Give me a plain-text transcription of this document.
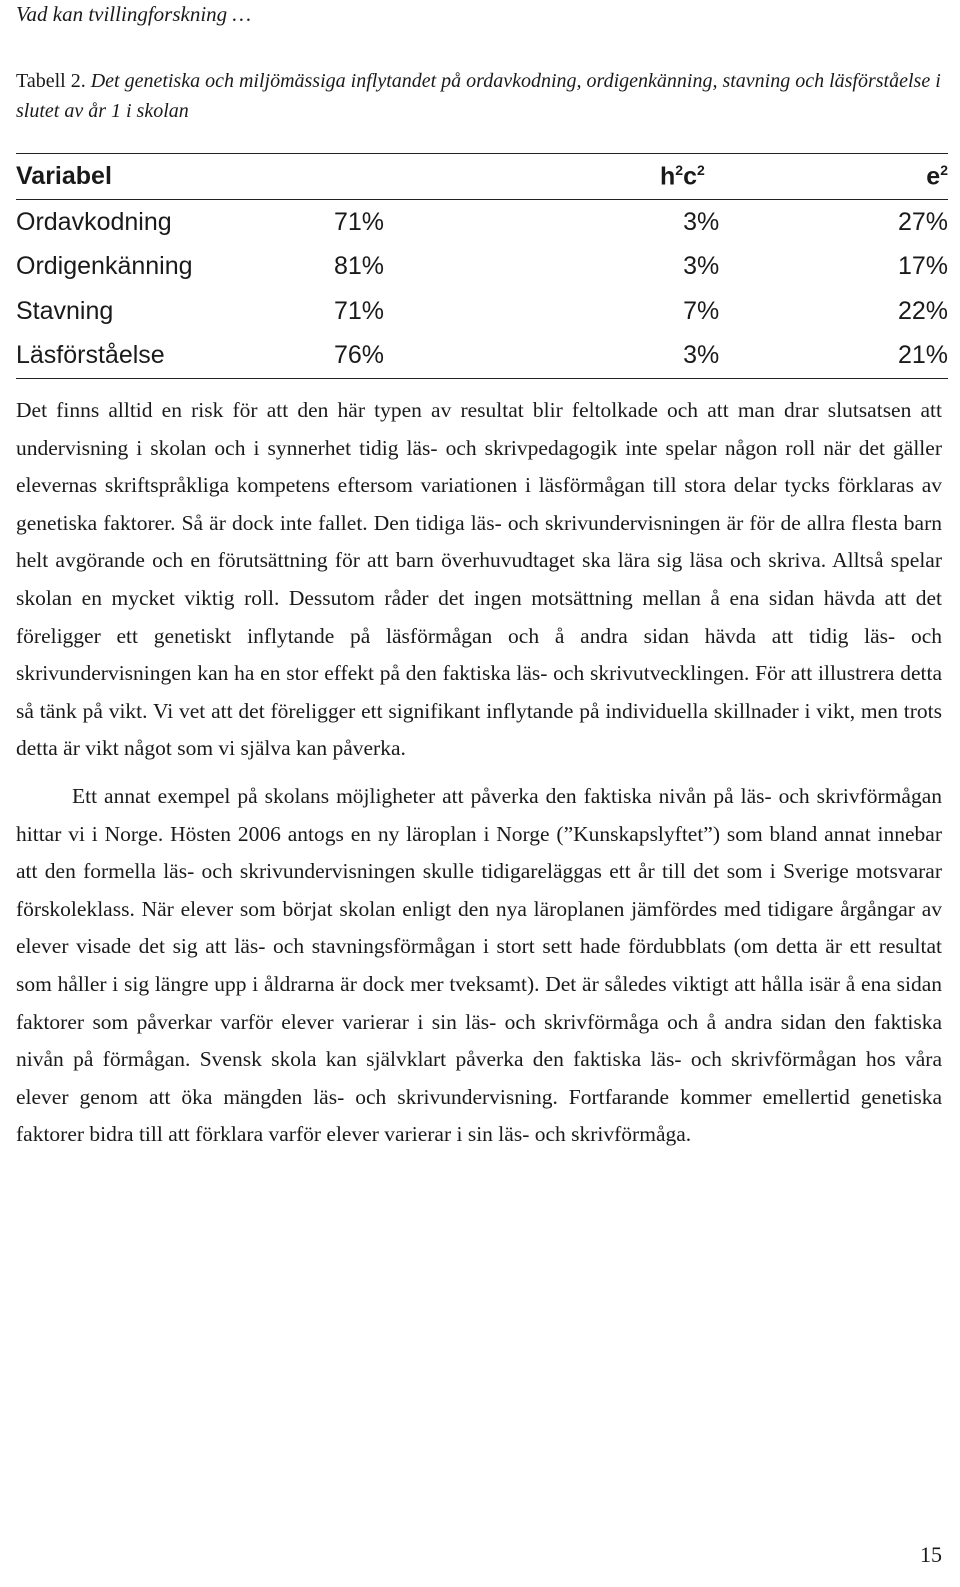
Vad kan tvillingforskning …
Tabell 2. Det genetiska och miljömässiga inflytandet på ordavkodning, ordigenkänning, stavning och läsförståelse i slutet av år 1 i skolan
Variabel	$h^2$	$c^2$	$e^2$
Ordavkodning	71%	3%	27%
Ordigenkänning	81%	3%	17%
Stavning	71%	7%	22%
Läsförståelse	76%	3%	21%

Det finns alltid en risk för att den här typen av resultat blir feltolkade och att man drar slutsatsen att undervisning i skolan och i synnerhet tidig läs- och skrivpedagogik inte spelar någon roll när det gäller elevernas skriftspråkliga kompetens eftersom variationen i läsförmågan till stora delar tycks förklaras av genetiska faktorer. Så är dock inte fallet. Den tidiga läs- och skrivundervisningen är för de allra flesta barn helt avgörande och en förutsättning för att barn överhuvudtaget ska lära sig läsa och skriva. Alltså spelar skolan en mycket viktig roll. Dessutom råder det ingen motsättning mellan å ena sidan hävda att det föreligger ett genetiskt inflytande på läsförmågan och å andra sidan hävda att tidig läs- och skrivundervisningen kan ha en stor effekt på den faktiska läs- och skrivutvecklingen. För att illustrera detta så tänk på vikt. Vi vet att det föreligger ett signifikant inflytande på individuella skillnader i vikt, men trots detta är vikt något som vi själva kan påverka.

Ett annat exempel på skolans möjligheter att påverka den faktiska nivån på läs- och skrivförmågan hittar vi i Norge. Hösten 2006 antogs en ny läroplan i Norge (”Kunskapslyftet”) som bland annat innebar att den formella läs- och skrivundervisningen skulle tidigareläggas ett år till det som i Sverige motsvarar förskoleklass. När elever som börjat skolan enligt den nya läroplanen jämfördes med tidigare årgångar av elever visade det sig att läs- och stavningsförmågan i stort sett hade fördubblats (om detta är ett resultat som håller i sig längre upp i åldrarna är dock mer tveksamt). Det är således viktigt att hålla isär å ena sidan faktorer som påverkar varför elever varierar i sin läs- och skrivförmåga och å andra sidan den faktiska nivån på förmågan. Svensk skola kan självklart påverka den faktiska läs- och skrivförmågan hos våra elever genom att öka mängden läs- och skrivundervisning. Fortfarande kommer emellertid genetiska faktorer bidra till att förklara varför elever varierar i sin läs- och skrivförmåga.

15
